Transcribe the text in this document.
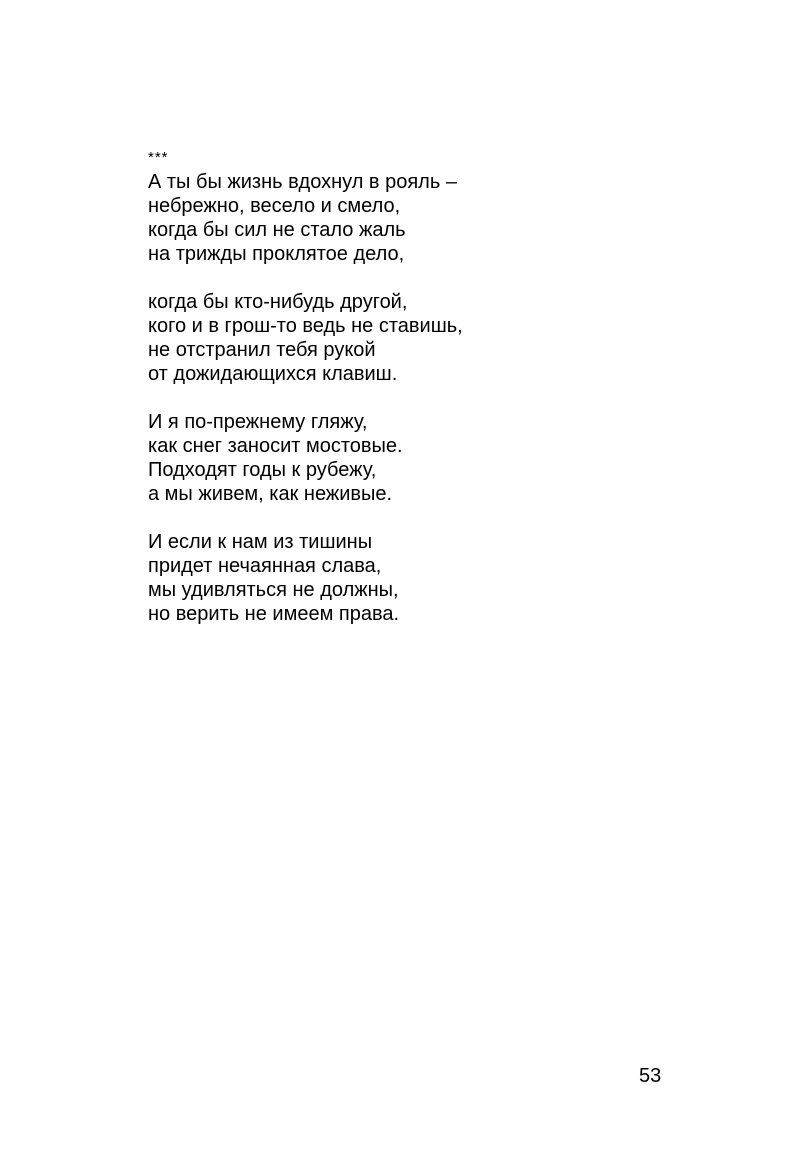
***
А ты бы жизнь вдохнул в рояль –
небрежно, весело и смело,
когда бы сил не стало жаль
на трижды проклятое дело,
когда бы кто-нибудь другой,
кого и в грош-то ведь не ставишь,
не отстранил тебя рукой
от дожидающихся клавиш.
И я по-прежнему гляжу,
как снег заносит мостовые.
Подходят годы к рубежу,
а мы живем, как неживые.
И если к нам из тишины
придет нечаянная слава,
мы удивляться не должны,
но верить не имеем права.
53
